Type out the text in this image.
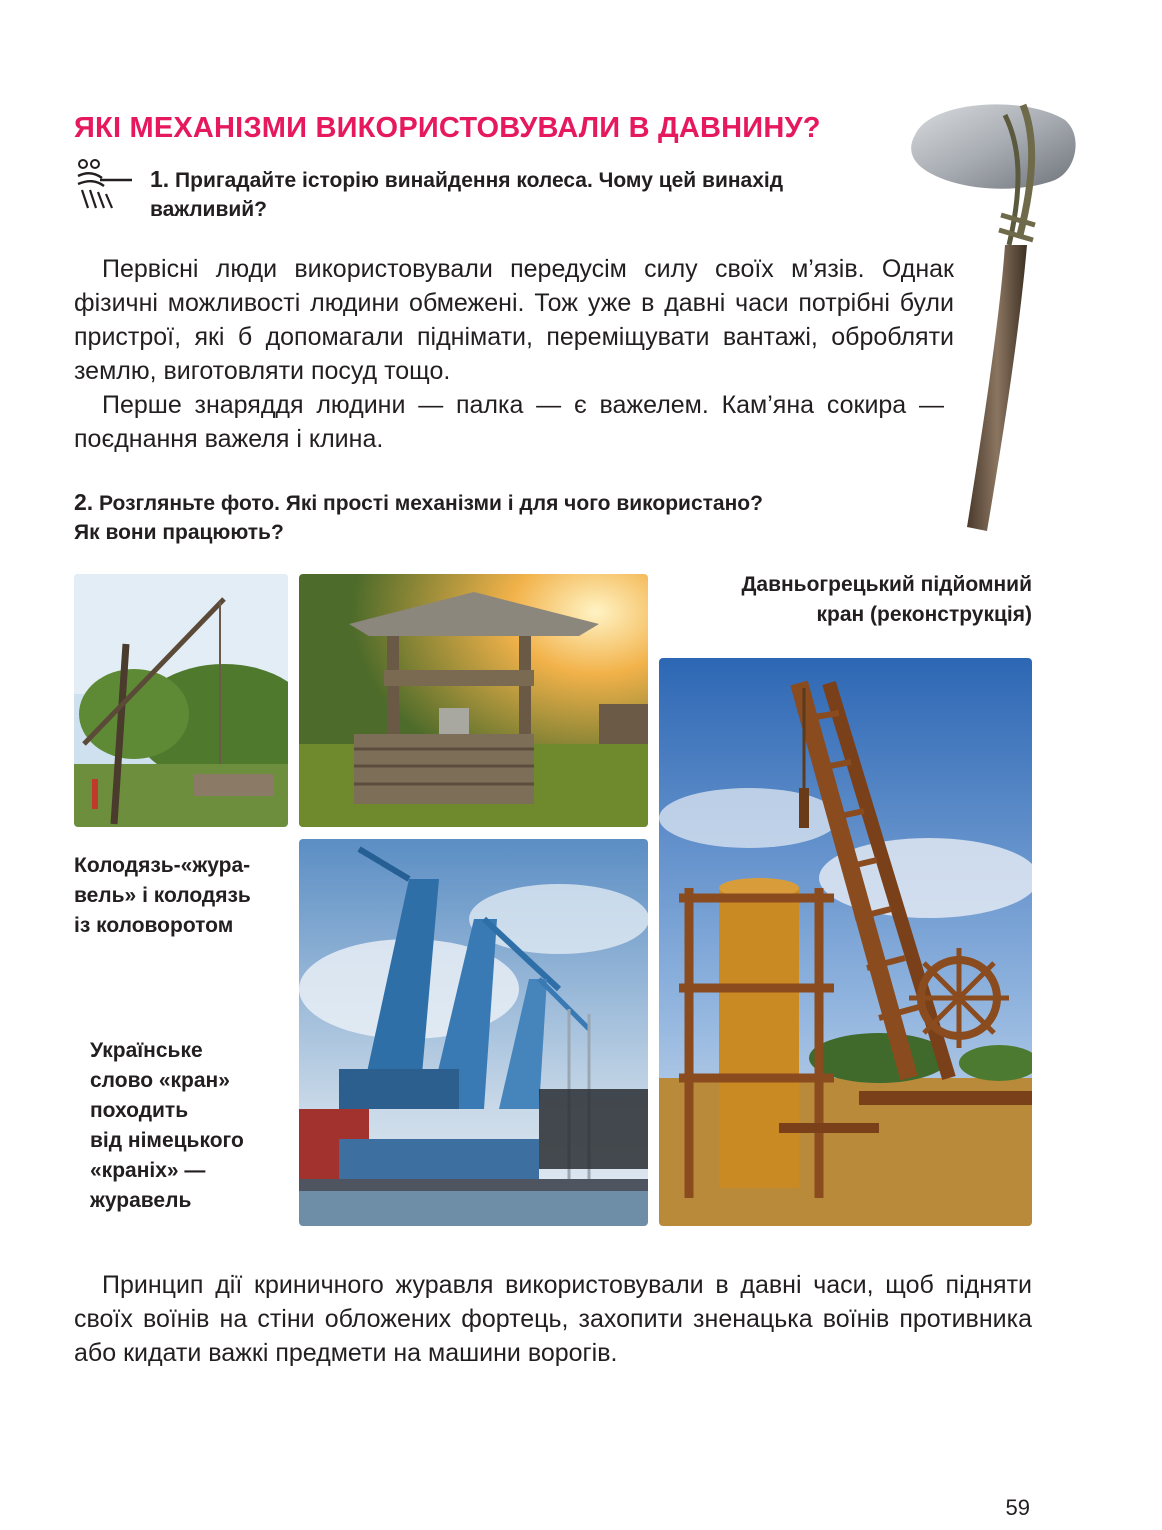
ЯКІ МЕХАНІЗМИ ВИКОРИСТОВУВАЛИ В ДАВНИНУ?
1. Пригадайте історію винайдення колеса. Чому цей винахід
важливий?

Первісні люди використовували передусім силу своїх м’язів. Однак фізичні можливості людини обмежені. Тож уже в давні часи потрібні були пристрої, які б допомагали піднімати, переміщувати вантажі, обробляти землю, виготовляти посуд тощо.

Перше знаряддя людини — палка — є важелем. Кам’яна сокира — поєднання важеля і клина.

2. Розгляньте фото. Які прості механізми і для чого використано?
Як вони працюють?
Давньогрецький підйомний
кран (реконструкція)
Колодязь-«жура-
вель» і колодязь
із коловоротом
Українське
слово «кран»
походить
від німецького
«краніх» —
журавель

Принцип дії криничного журавля використовували в давні часи, щоб підняти своїх воїнів на стіни обложених фортець, захопити зненацька воїнів противника або кидати важкі предмети на машини ворогів.

59
